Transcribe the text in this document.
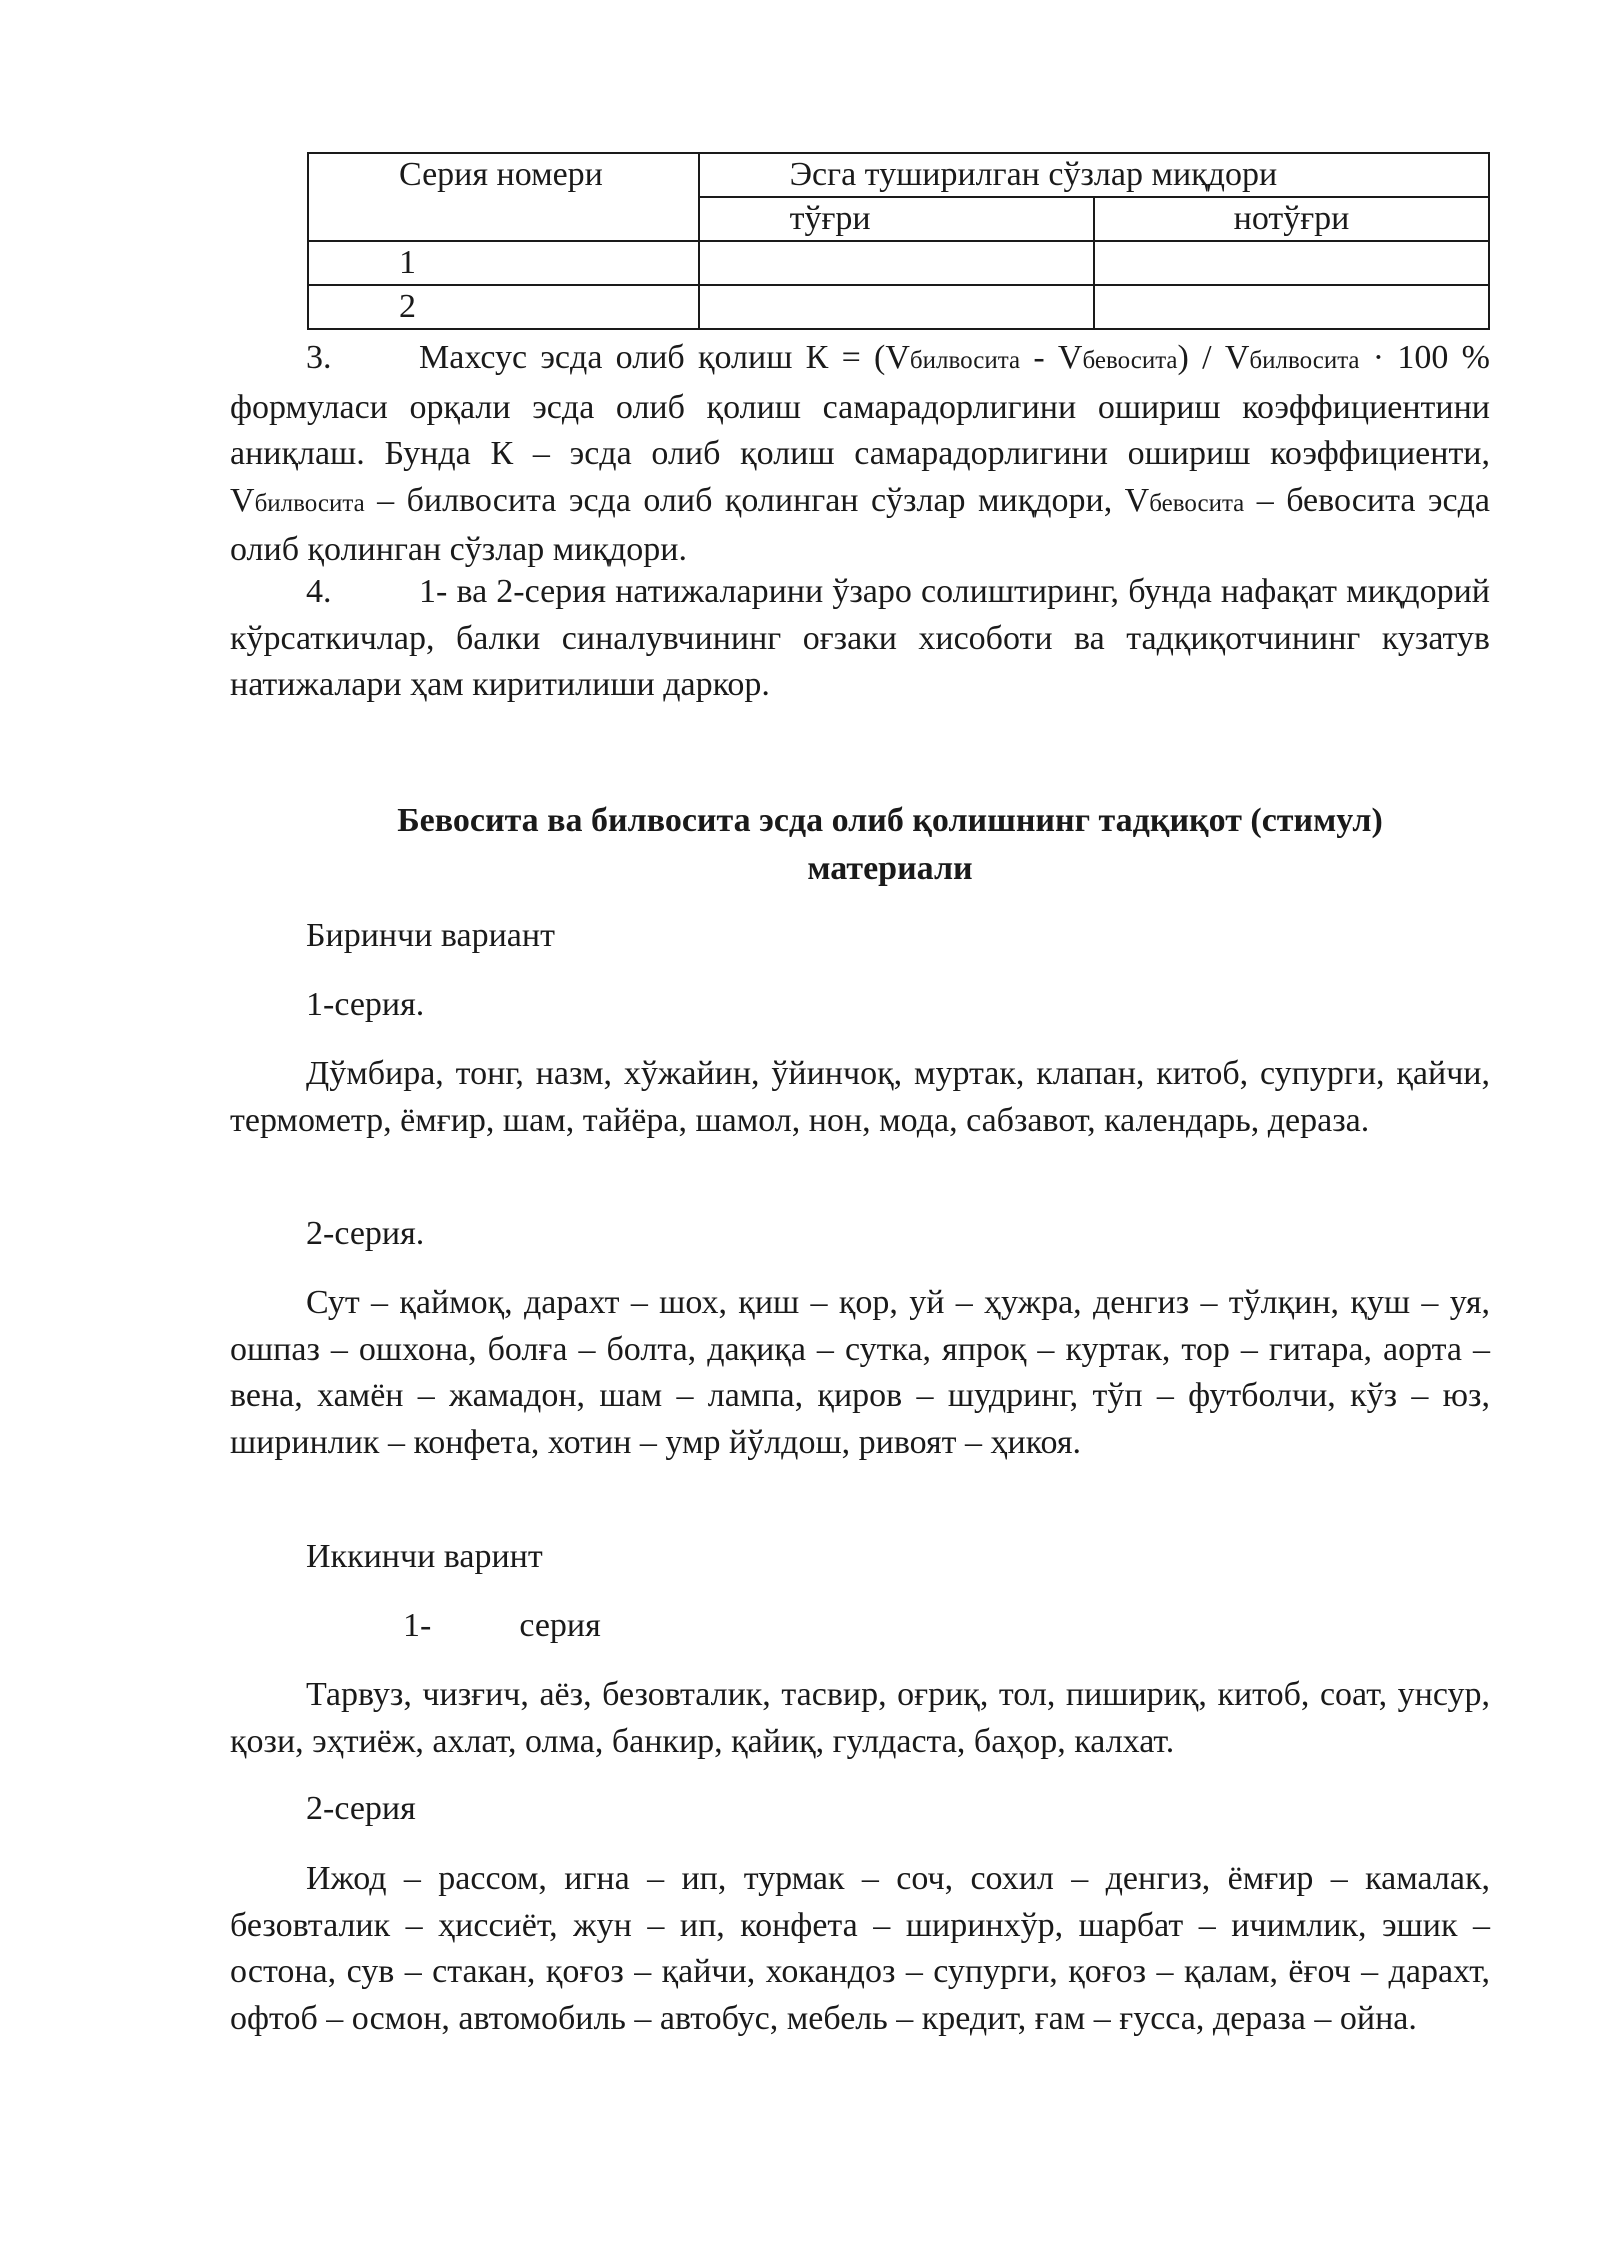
Серия номери	Эсга туширилган сўзлар миқдори	
	тўғри	нотўғри
1		
2		

3.	Махсус эсда олиб қолиш К = (Vбилвосита - Vбевосита) / Vбилвосита · 100 % формуласи орқали эсда олиб қолиш самарадорлигини ошириш коэффициентини аниқлаш. Бунда К – эсда олиб қолиш самарадорлигини ошириш коэффициенти, Vбилвосита – билвосита эсда олиб қолинган сўзлар миқдори, Vбевосита – бевосита эсда олиб қолинган сўзлар миқдори.

4.	1- ва 2-серия натижаларини ўзаро солиштиринг, бунда нафақат миқдорий кўрсаткичлар, балки синалувчининг оғзаки хисоботи ва тадқиқотчининг кузатув натижалари ҳам киритилиши даркор.

Бевосита ва билвосита эсда олиб қолишнинг тадқиқот (стимул)
материали

Биринчи вариант

1-серия.

Дўмбира, тонг, назм, хўжайин, ўйинчоқ, муртак, клапан, китоб, супурги, қайчи, термометр, ёмғир, шам, тайёра, шамол, нон, мода, сабзавот, календарь, дераза.

2-серия.

Сут – қаймоқ, дарахт – шох, қиш – қор, уй – ҳужра, денгиз – тўлқин, қуш – уя, ошпаз – ошхона, болға – болта, дақиқа – сутка, япроқ – куртак, тор – гитара, аорта – вена, хамён – жамадон, шам – лампа, қиров – шудринг, тўп – футболчи, кўз – юз, ширинлик – конфета, хотин – умр йўлдош, ривоят – ҳикоя.

Иккинчи варинт

1-	серия

Тарвуз, чизғич, аёз, безовталик, тасвир, оғриқ, тол, пишириқ, китоб, соат, унсур, қози, эҳтиёж, ахлат, олма, банкир, қайиқ, гулдаста, баҳор, калхат.

2-серия

Ижод – рассом, игна – ип, турмак – соч, сохил – денгиз, ёмғир – камалак, безовталик – ҳиссиёт, жун – ип, конфета – ширинхўр, шарбат – ичимлик, эшик – остона, сув – стакан, қоғоз – қайчи, хокандоз – супурги, қоғоз – қалам, ёғоч – дарахт, офтоб – осмон, автомобиль – автобус, мебель – кредит, ғам – ғусса, дераза – ойна.
